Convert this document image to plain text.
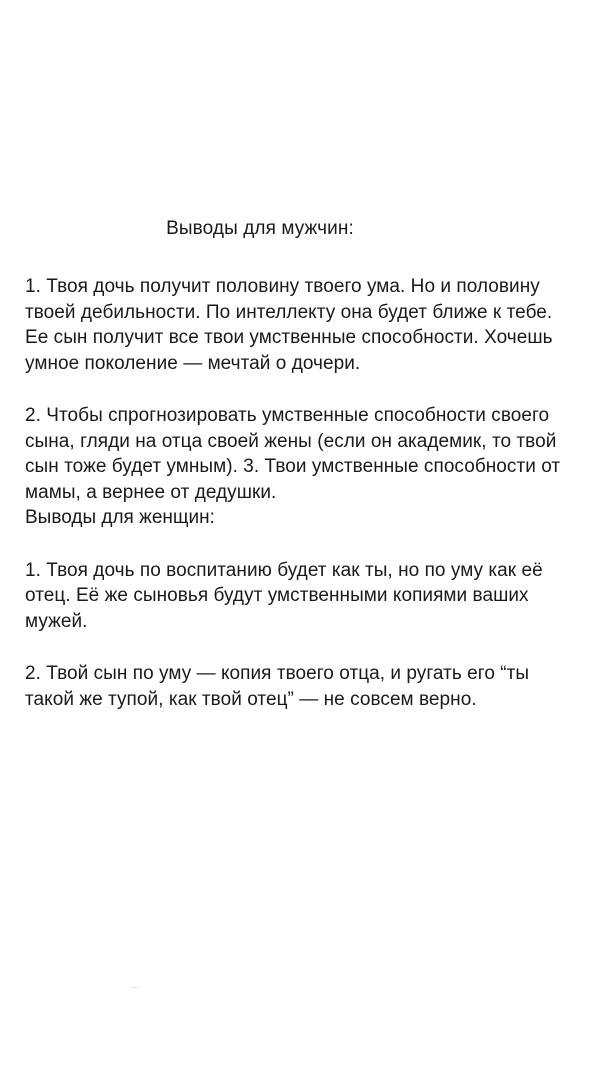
Выводы для мужчин:

1. Твоя дочь получит половину твоего ума. Но и половину твоей дебильности. По интеллекту она будет ближе к тебе. Ее сын получит все твои умственные способности. Хочешь умное поколение — мечтай о дочери.

2. Чтобы спрогнозировать умственные способности своего сына, гляди на отца своей жены (если он академик, то твой сын тоже будет умным). 3. Твои умственные способности от мамы, а вернее от дедушки.

Выводы для женщин:

1. Твоя дочь по воспитанию будет как ты, но по уму как её отец. Её же сыновья будут умственными копиями ваших мужей.

2. Твой сын по уму — копия твоего отца, и ругать его “ты такой же тупой, как твой отец” — не совсем верно.
